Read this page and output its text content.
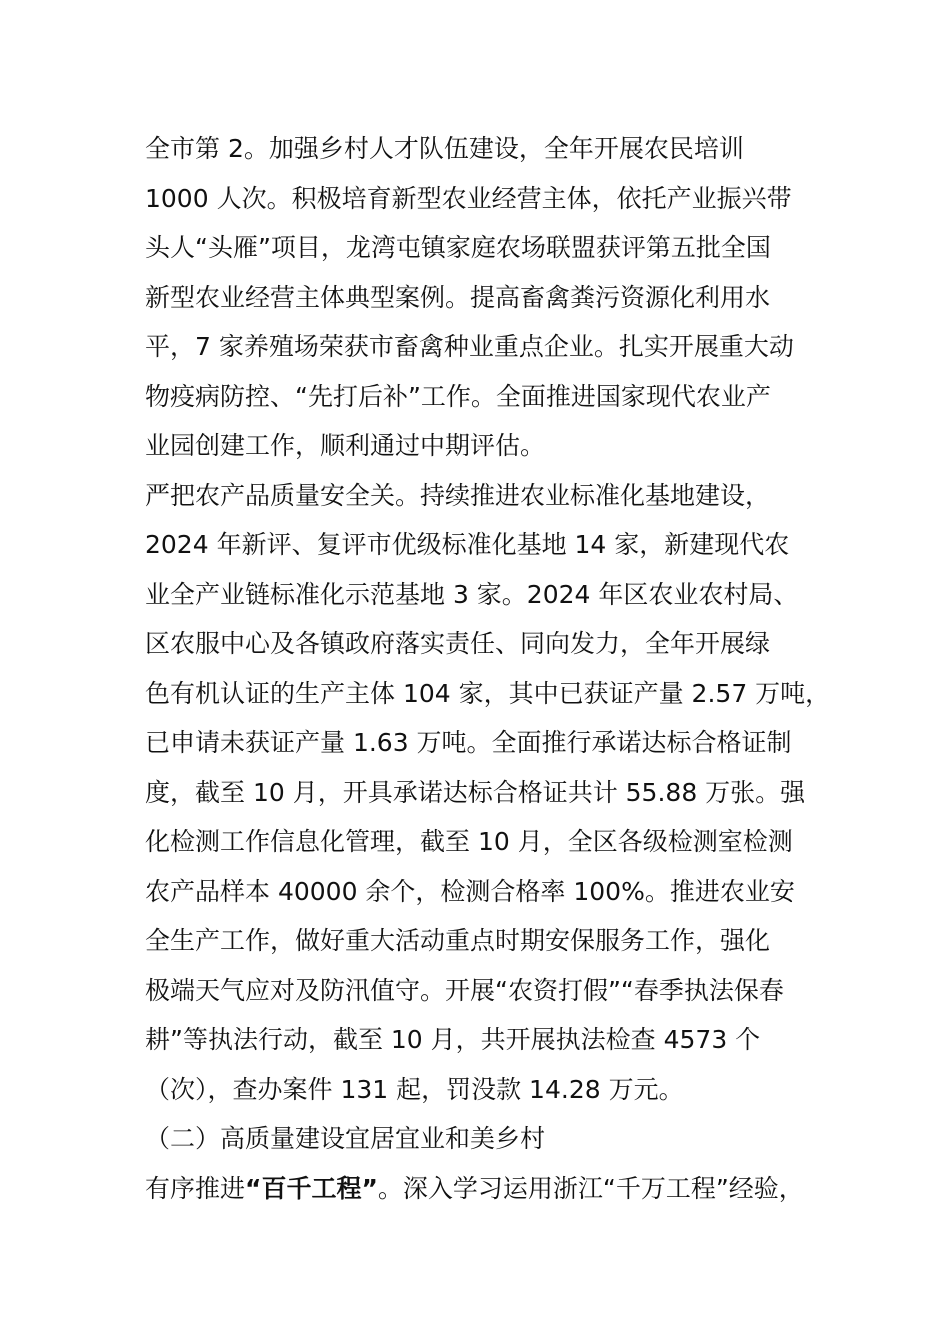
全市第 2。加强乡村人才队伍建设，全年开展农民培训
1000 人次。积极培育新型农业经营主体，依托产业振兴带
头人“头雁”项目，龙湾屯镇家庭农场联盟获评第五批全国
新型农业经营主体典型案例。提高畜禽粪污资源化利用水
平，7 家养殖场荣获市畜禽种业重点企业。扎实开展重大动
物疫病防控、“先打后补”工作。全面推进国家现代农业产
业园创建工作，顺利通过中期评估。
严把农产品质量安全关。持续推进农业标准化基地建设，
2024 年新评、复评市优级标准化基地 14 家，新建现代农
业全产业链标准化示范基地 3 家。2024 年区农业农村局、
区农服中心及各镇政府落实责任、同向发力，全年开展绿
色有机认证的生产主体 104 家，其中已获证产量 2.57 万吨，
已申请未获证产量 1.63 万吨。全面推行承诺达标合格证制
度，截至 10 月，开具承诺达标合格证共计 55.88 万张。强
化检测工作信息化管理，截至 10 月，全区各级检测室检测
农产品样本 40000 余个，检测合格率 100%。推进农业安
全生产工作，做好重大活动重点时期安保服务工作，强化
极端天气应对及防汛值守。开展“农资打假”“春季执法保春
耕”等执法行动，截至 10 月，共开展执法检查 4573 个
（次），查办案件 131 起，罚没款 14.28 万元。
（二）高质量建设宜居宜业和美乡村
有序推进“百千工程”。深入学习运用浙江“千万工程”经验，
